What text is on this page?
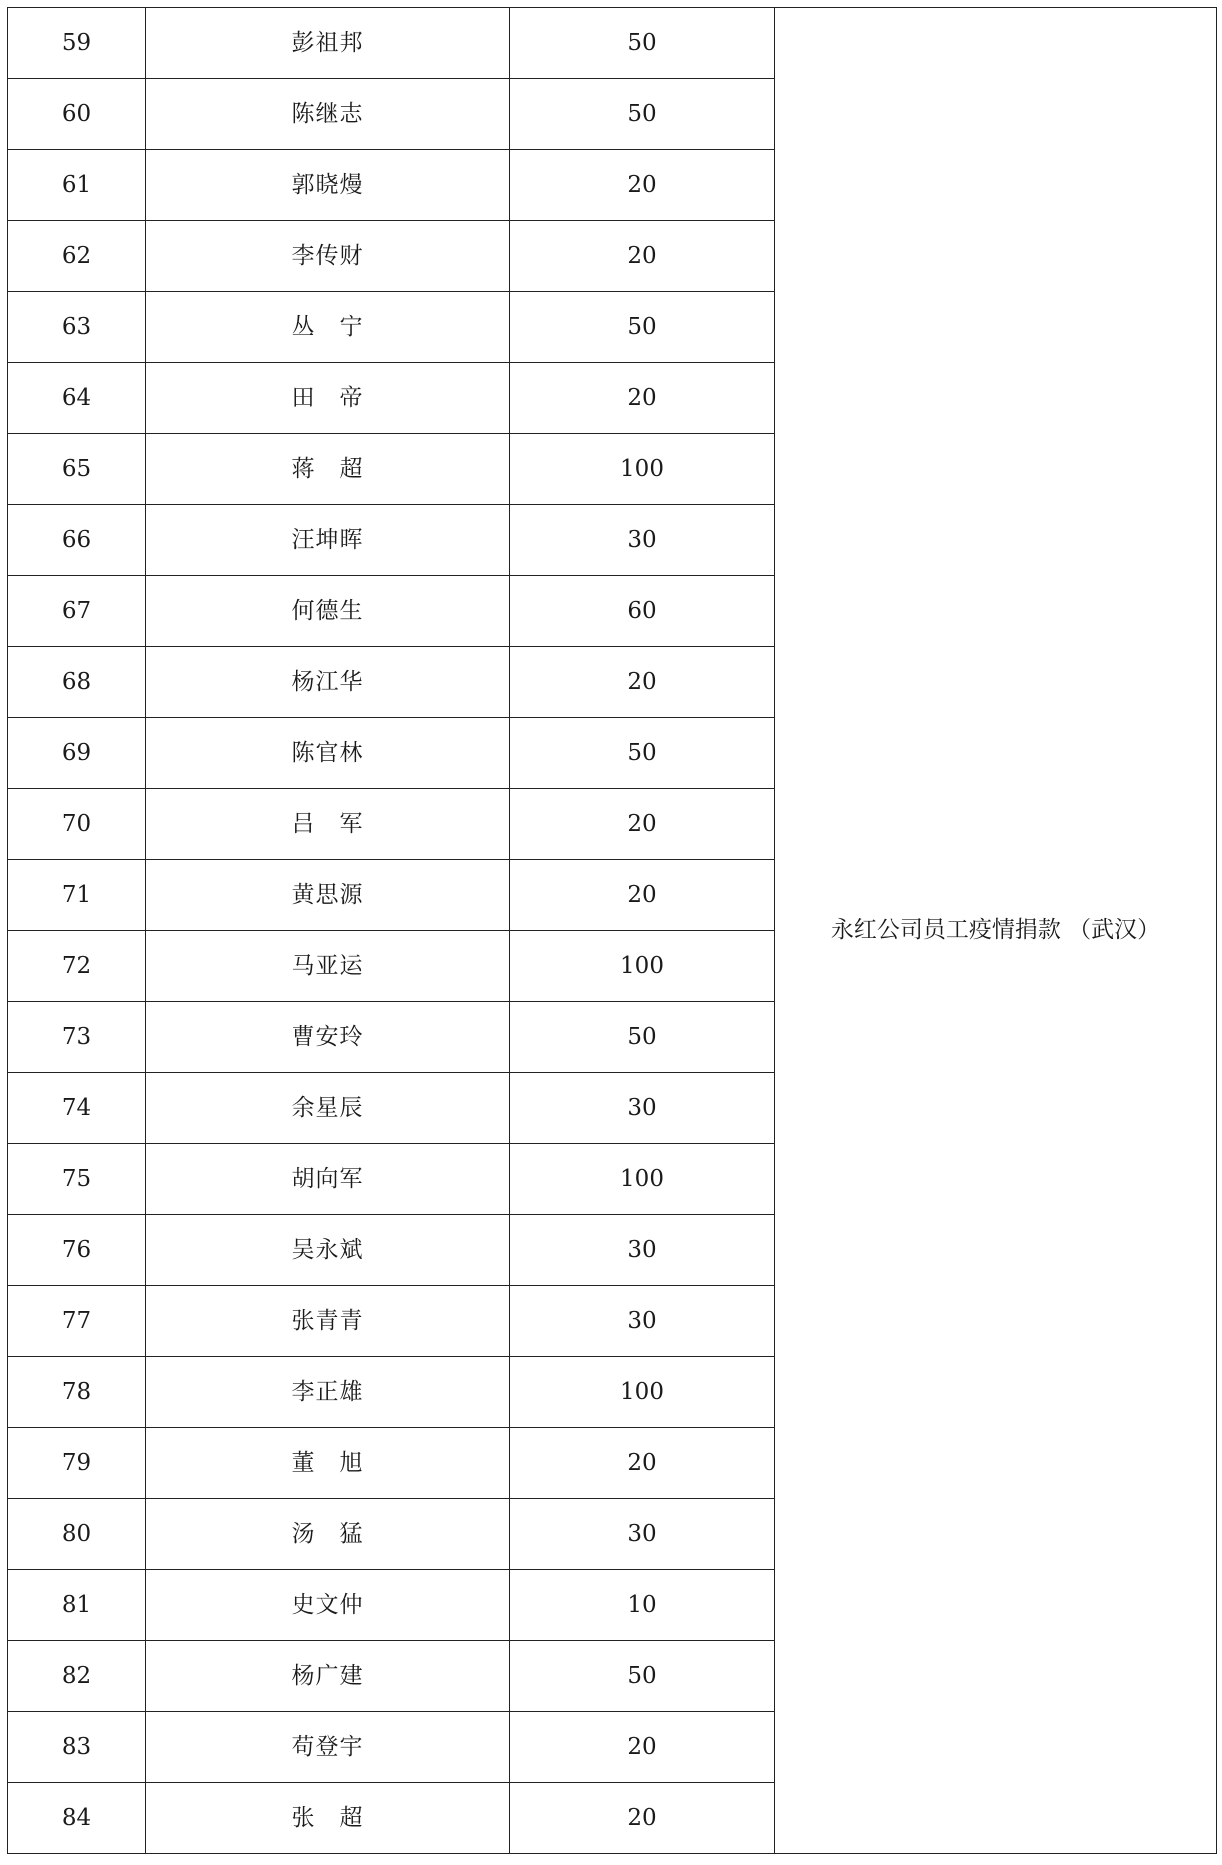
59	彭祖邦	50	永红公司员工疫情捐款 （武汉）
60	陈继志	50	
61	郭晓熳	20	
62	李传财	20	
63	丛　宁	50	
64	田　帝	20	
65	蒋　超	100	
66	汪坤晖	30	
67	何德生	60	
68	杨江华	20	
69	陈官林	50	
70	吕　军	20	
71	黄思源	20	
72	马亚运	100	
73	曹安玲	50	
74	余星辰	30	
75	胡向军	100	
76	吴永斌	30	
77	张青青	30	
78	李正雄	100	
79	董　旭	20	
80	汤　猛	30	
81	史文仲	10	
82	杨广建	50	
83	苟登宇	20	
84	张　超	20	
